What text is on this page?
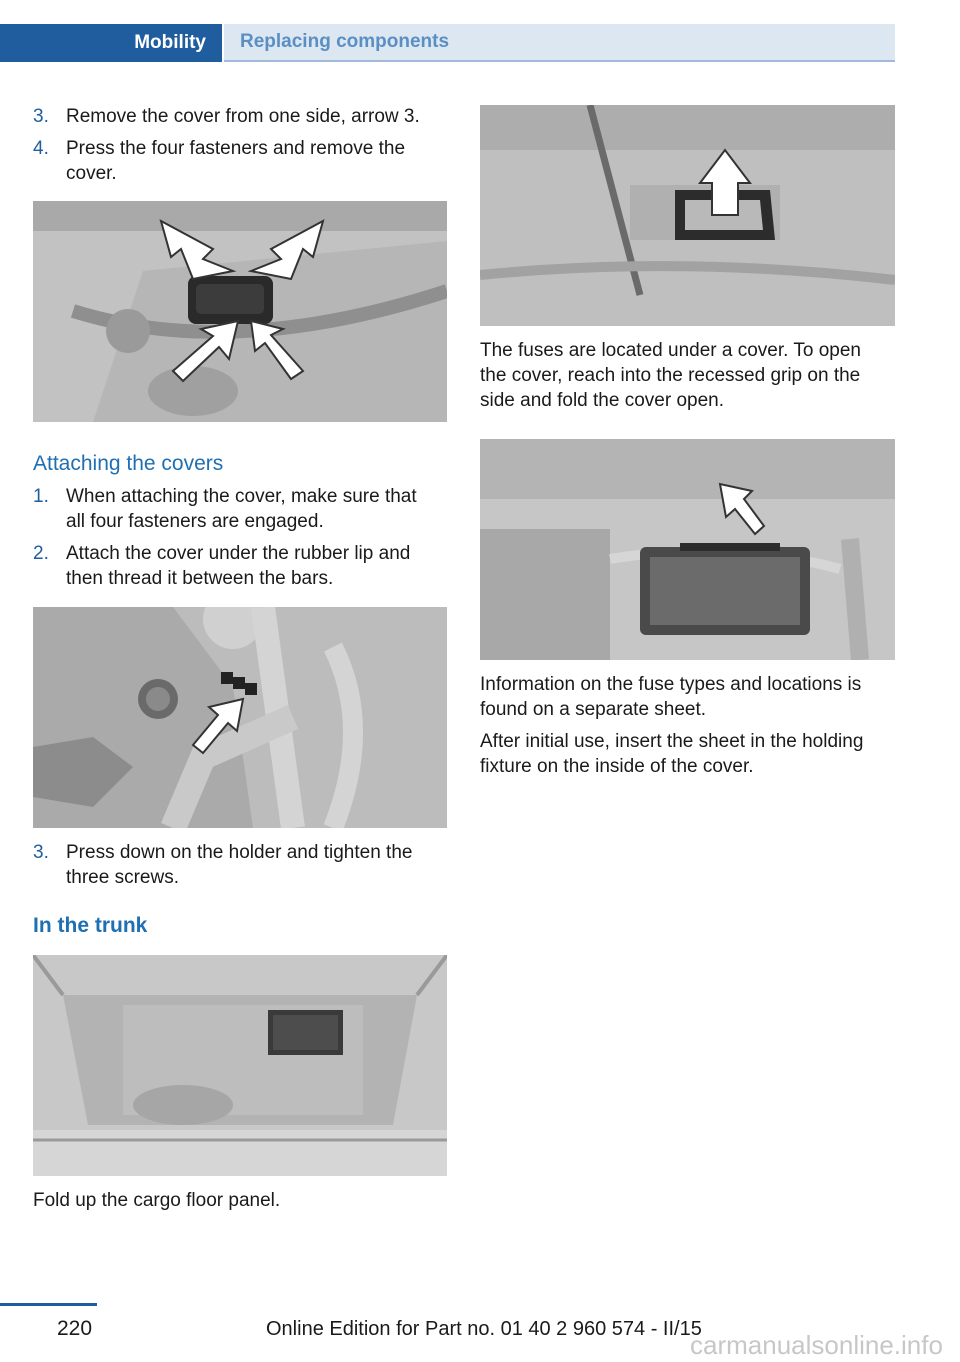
Mobility	Replacing components
3. Remove the cover from one side, arrow 3.
4. Press the four fasteners and remove the
cover.
Attaching the covers
1. When attaching the cover, make sure that
all four fasteners are engaged.
2. Attach the cover under the rubber lip and
then thread it between the bars.
3. Press down on the holder and tighten the
three screws.
In the trunk
Fold up the cargo floor panel.
The fuses are located under a cover. To open
the cover, reach into the recessed grip on the
side and fold the cover open.
Information on the fuse types and locations is
found on a separate sheet.
After initial use, insert the sheet in the holding
fixture on the inside of the cover.
220	Online Edition for Part no. 01 40 2 960 574 - II/15
carmanualsonline.info
